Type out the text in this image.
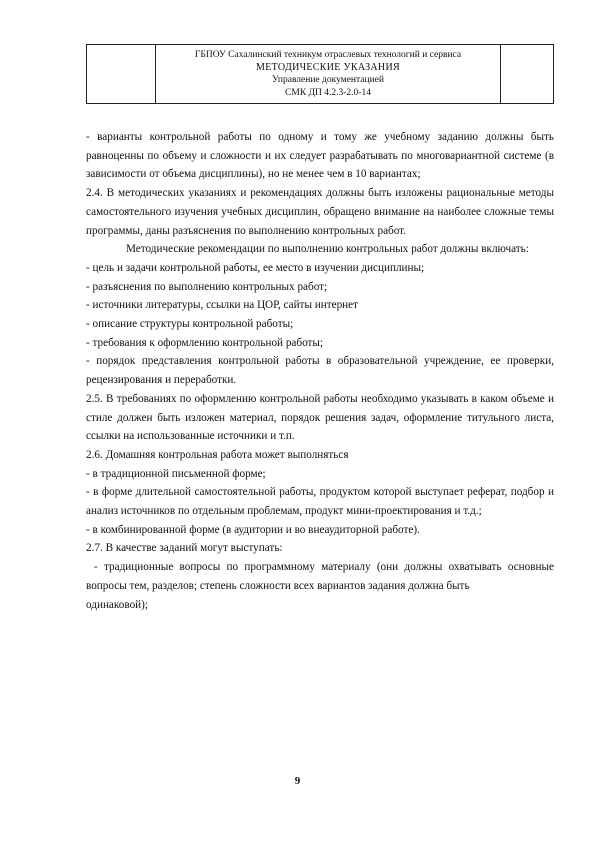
ГБПОУ Сахалинский техникум отраслевых технологий и сервиса
МЕТОДИЧЕСКИЕ УКАЗАНИЯ
Управление документацией
СМК ДП 4.2.3-2.0-14

- варианты контрольной работы по одному и тому же учебному заданию должны быть равноценны по объему и сложности и их следует разрабатывать по многовариантной системе (в зависимости от объема дисциплины), но не менее чем в 10 вариантах;

2.4. В методических указаниях и рекомендациях должны быть изложены рациональные методы самостоятельного изучения учебных дисциплин, обращено внимание на наиболее сложные темы программы, даны разъяснения по выполнению контрольных работ.

Методические рекомендации по выполнению контрольных работ должны включать:

- цель и задачи контрольной работы, ее место в изучении дисциплины;

- разъяснения по выполнению контрольных работ;

- источники литературы, ссылки на ЦОР, сайты интернет

- описание структуры контрольной работы;

- требования к оформлению контрольной работы;

- порядок представления контрольной работы в образовательной учреждение, ее проверки, рецензирования и переработки.

2.5. В требованиях по оформлению контрольной работы необходимо указывать в каком объеме и стиле должен быть изложен материал, порядок решения задач, оформление титульного листа, ссылки на использованные источники и т.п.

2.6. Домашняя контрольная работа может выполняться

- в традиционной письменной форме;

- в форме длительной самостоятельной работы, продуктом которой выступает реферат, подбор и анализ источников по отдельным проблемам, продукт мини-проектирования и т.д.;

- в комбинированной форме (в аудитории и во внеаудиторной работе).

2.7. В качестве заданий могут выступать:

- традиционные вопросы по программному материалу (они должны охватывать основные вопросы тем, разделов; степень сложности всех вариантов задания должна быть

одинаковой);

9
